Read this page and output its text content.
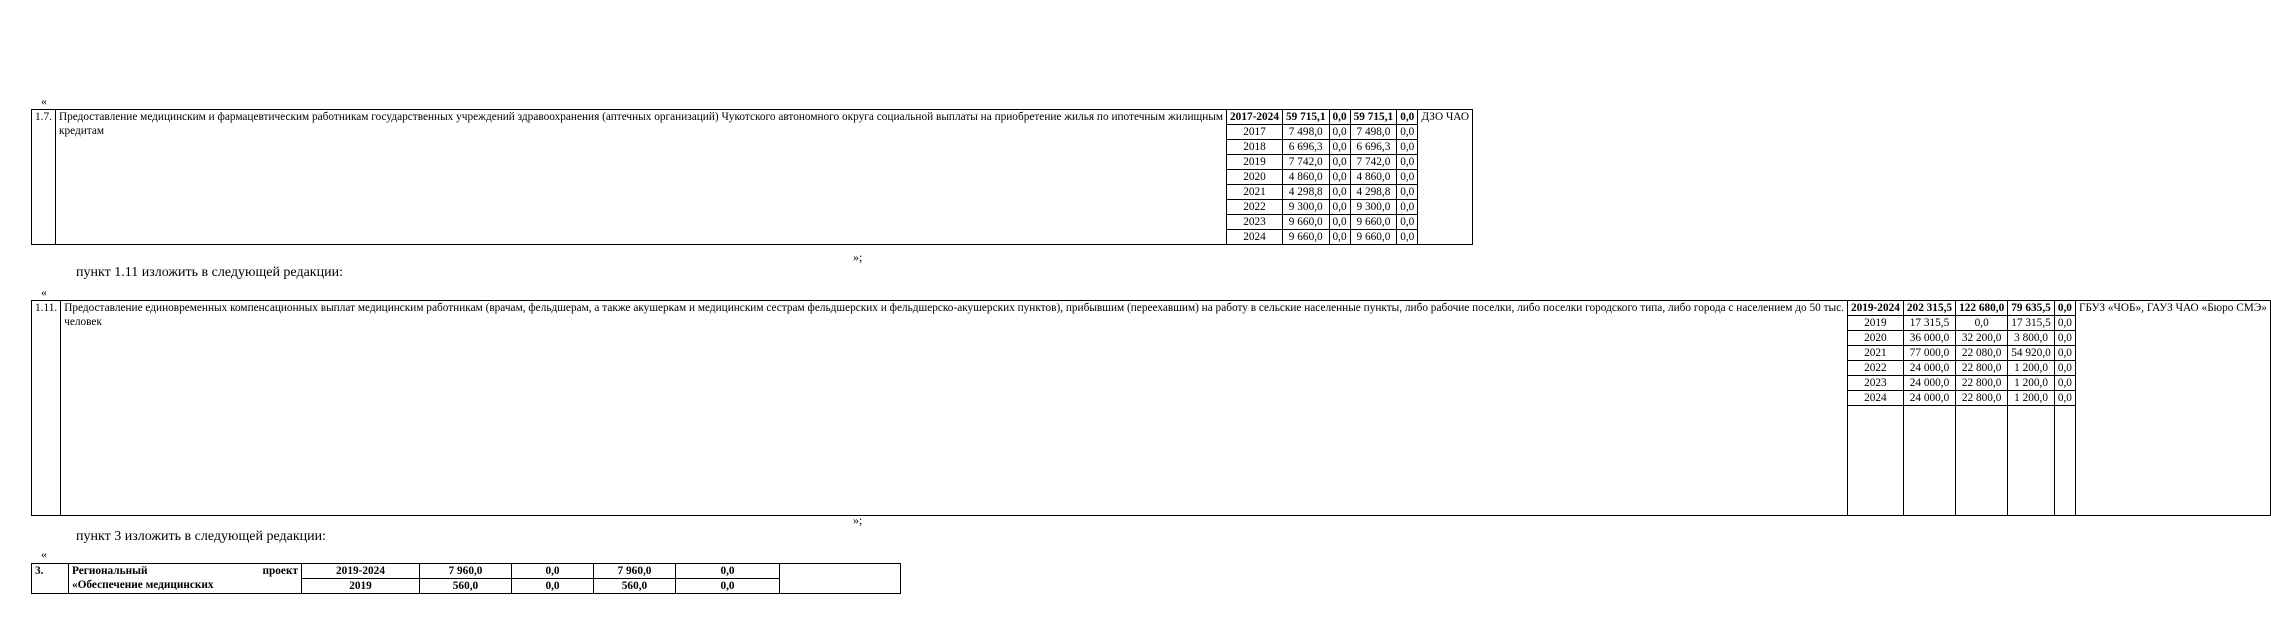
«
пункт 1.11 изложить в следующей редакции:
»;
«
»;
пункт 3 изложить в следующей редакции:
«
1.7.	Предоставление медицинским и фармацевтическим работникам государственных учреждений здравоохранения (аптечных организаций) Чукотского автономного округа социальной выплаты на приобретение жилья по ипотечным жилищным
кредитам	2017-2024	59 715,1	0,0	59 715,1	0,0	ДЗО ЧАО
		2017	7 498,0	0,0	7 498,0	0,0	
		2018	6 696,3	0,0	6 696,3	0,0	
		2019	7 742,0	0,0	7 742,0	0,0	
		2020	4 860,0	0,0	4 860,0	0,0	
		2021	4 298,8	0,0	4 298,8	0,0	
		2022	9 300,0	0,0	9 300,0	0,0	
		2023	9 660,0	0,0	9 660,0	0,0	
		2024	9 660,0	0,0	9 660,0	0,0	
1.11.	Предоставление единовременных компенсационных выплат медицинским работникам (врачам, фельдшерам, а также акушеркам и медицинским сестрам фельдшерских и фельдшерско-акушерских пунктов), прибывшим (переехавшим) на работу в сельские населенные пункты, либо рабочие поселки, либо поселки городского типа, либо города с населением до 50 тыс.
человек	2019-2024	202 315,5	122 680,0	79 635,5	0,0	ГБУЗ «ЧОБ», ГАУЗ ЧАО «Бюро СМЭ»
		2019	17 315,5	0,0	17 315,5	0,0	
		2020	36 000,0	32 200,0	3 800,0	0,0	
		2021	77 000,0	22 080,0	54 920,0	0,0	
		2022	24 000,0	22 800,0	1 200,0	0,0	
		2023	24 000,0	22 800,0	1 200,0	0,0	
		2024	24 000,0	22 800,0	1 200,0	0,0	

3.	Региональный проект
«Обеспечение медицинских	2019-2024	7 960,0	0,0	7 960,0	0,0	
		2019	560,0	0,0	560,0	0,0	
